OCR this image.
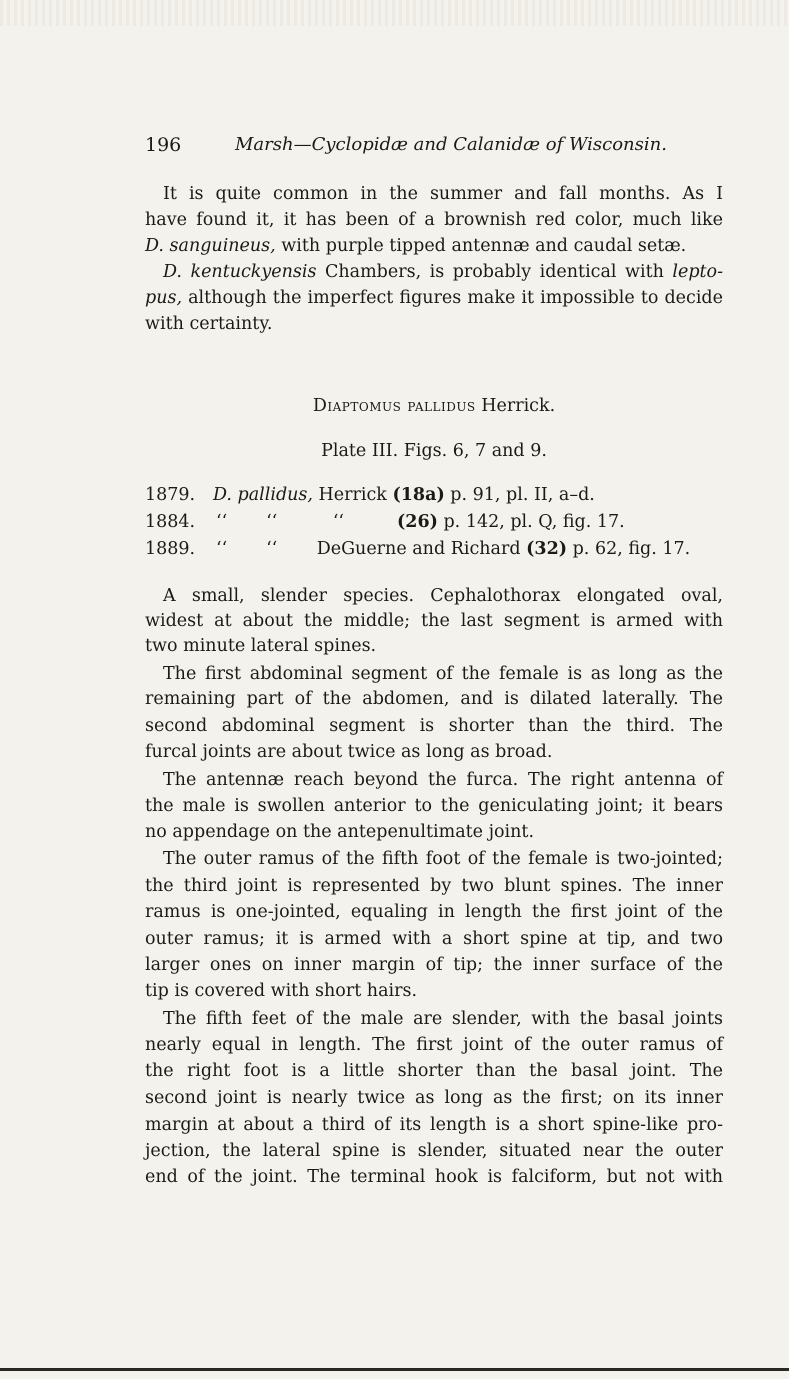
196	Marsh—Cyclopidæ and Calanidæ of Wisconsin.
It is quite common in the summer and fall months. As I
have found it, it has been of a brownish red color, much like
D. sanguineus, with purple tipped antennæ and caudal setæ.
D. kentuckyensis Chambers, is probably identical with lepto-
pus, although the imperfect figures make it impossible to decide
with certainty.
Diaptomus pallidus Herrick.
Plate III. Figs. 6, 7 and 9.
1879. D. pallidus, Herrick (18a) p. 91, pl. II, a–d.
1884. ‘‘       ‘‘          ‘‘	(26) p. 142, pl. Q, fig. 17.
1889. ‘‘       ‘‘ DeGuerne and Richard (32) p. 62, fig. 17.
A small, slender species. Cephalothorax elongated oval,
widest at about the middle; the last segment is armed with
two minute lateral spines.
The first abdominal segment of the female is as long as the
remaining part of the abdomen, and is dilated laterally. The
second abdominal segment is shorter than the third. The
furcal joints are about twice as long as broad.
The antennæ reach beyond the furca. The right antenna of
the male is swollen anterior to the geniculating joint; it bears
no appendage on the antepenultimate joint.
The outer ramus of the fifth foot of the female is two-jointed;
the third joint is represented by two blunt spines. The inner
ramus is one-jointed, equaling in length the first joint of the
outer ramus; it is armed with a short spine at tip, and two
larger ones on inner margin of tip; the inner surface of the
tip is covered with short hairs.
The fifth feet of the male are slender, with the basal joints
nearly equal in length. The first joint of the outer ramus of
the right foot is a little shorter than the basal joint. The
second joint is nearly twice as long as the first; on its inner
margin at about a third of its length is a short spine-like pro-
jection, the lateral spine is slender, situated near the outer
end of the joint. The terminal hook is falciform, but not with
